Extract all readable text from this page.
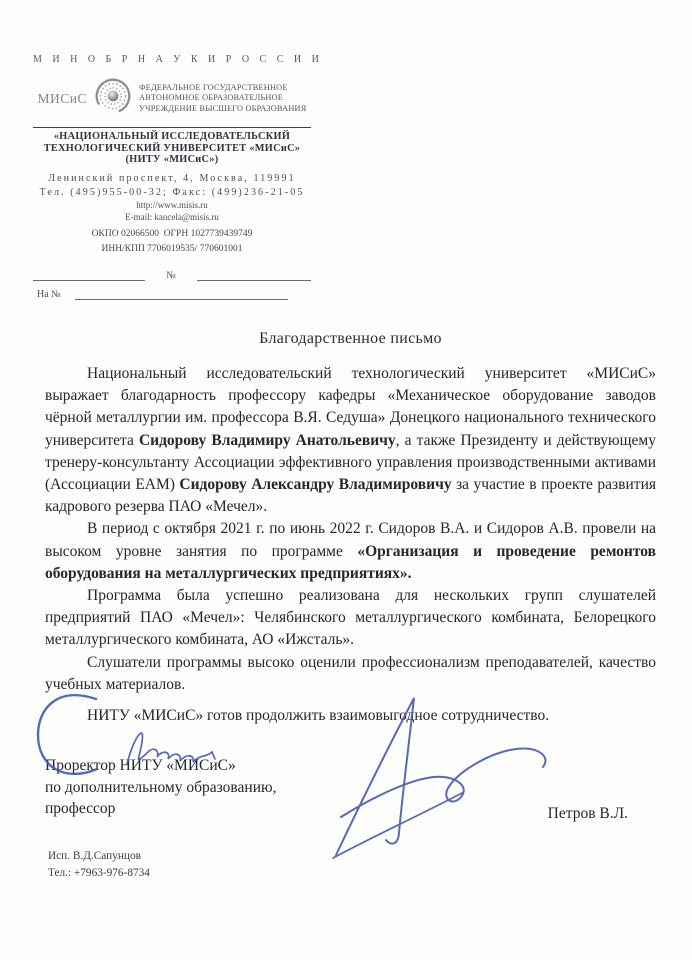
М И Н О Б Р Н А У К И Р О С С И И
МИСиС
ФЕДЕРАЛЬНОЕ ГОСУДАРСТВЕННОЕ
АВТОНОМНОЕ ОБРАЗОВАТЕЛЬНОЕ
УЧРЕЖДЕНИЕ ВЫСШЕГО ОБРАЗОВАНИЯ
«НАЦИОНАЛЬНЫЙ ИССЛЕДОВАТЕЛЬСКИЙ
ТЕХНОЛОГИЧЕСКИЙ УНИВЕРСИТЕТ «МИСиС»
(НИТУ «МИСиС»)
Ленинский проспект, 4, Москва, 119991
Тел. (495)955-00-32; Факс: (499)236-21-05
http://www.misis.ru
E-mail: kancela@misis.ru
ОКПО 02066500  ОГРН 1027739439749
ИНН/КПП 7706019535/ 770601001
№
На №
Благодарственное письмо

Национальный исследовательский технологический университет «МИСиС» выражает благодарность профессору кафедры «Механическое оборудование заводов чёрной металлургии им. профессора В.Я. Седуша» Донецкого национального технического университета Сидорову Владимиру Анатольевичу, а также Президенту и действующему тренеру-консультанту Ассоциации эффективного управления производственными активами (Ассоциации ЕАМ) Сидорову Александру Владимировичу за участие в проекте развития кадрового резерва ПАО «Мечел».

В период с октября 2021 г. по июнь 2022 г. Сидоров В.А. и Сидоров А.В. провели на высоком уровне занятия по программе «Организация и проведение ремонтов оборудования на металлургических предприятиях».

Программа была успешно реализована для нескольких групп слушателей предприятий ПАО «Мечел»: Челябинского металлургического комбината, Белорецкого металлургического комбината, АО «Ижсталь».

Слушатели программы высоко оценили профессионализм преподавателей, качество учебных материалов.

НИТУ «МИСиС» готов продолжить взаимовыгодное сотрудничество.

Проректор НИТУ «МИСиС»
по дополнительному образованию,
профессор	Петров В.Л.
Исп. В.Д.Сапунцов
Тел.: +7963-976-8734
